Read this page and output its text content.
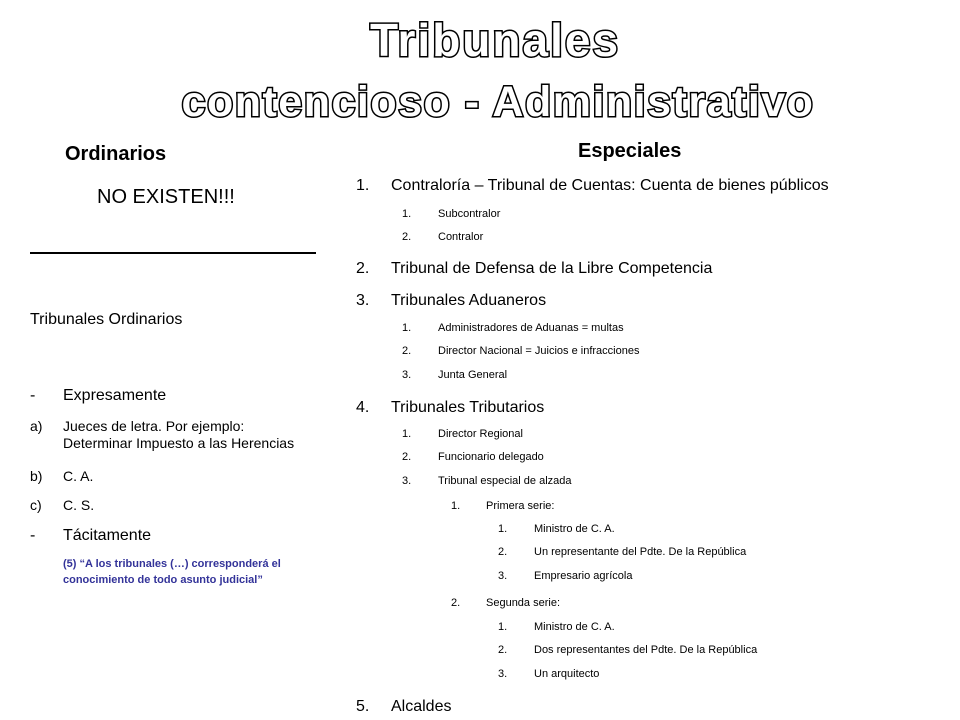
Tribunales
contencioso - Administrativo
Ordinarios
NO EXISTEN!!!
Tribunales Ordinarios
-	Expresamente
a)	Jueces de letra. Por ejemplo:
Determinar Impuesto a las Herencias
b)	C. A.
c)	C. S.
-	Tácitamente
(5) “A los tribunales (…) corresponderá el
conocimiento de todo asunto judicial”
Especiales
1.	Contraloría – Tribunal de Cuentas: Cuenta de bienes públicos
1.	Subcontralor
2.	Contralor
2.	Tribunal de Defensa de la Libre Competencia
3.	Tribunales Aduaneros
1.	Administradores de Aduanas = multas
2.	Director Nacional = Juicios e infracciones
3.	Junta General
4.	Tribunales Tributarios
1.	Director Regional
2.	Funcionario delegado
3.	Tribunal especial de alzada
1.	Primera serie:
1.	Ministro de C. A.
2.	Un representante del Pdte. De la República
3.	Empresario agrícola
2.	Segunda serie:
1.	Ministro de C. A.
2.	Dos representantes del Pdte. De la República
3.	Un arquitecto
5.	Alcaldes
